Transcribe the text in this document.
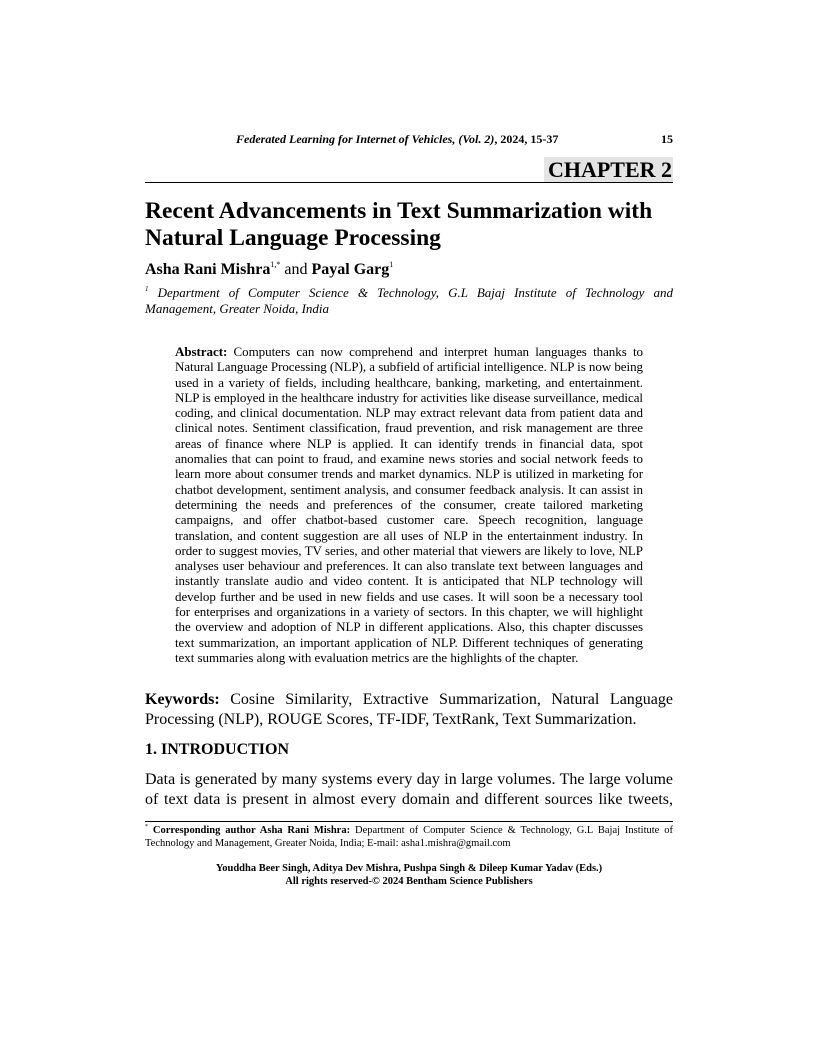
Federated Learning for Internet of Vehicles, (Vol. 2), 2024, 15-37	15
CHAPTER 2
Recent Advancements in Text Summarization with Natural Language Processing
Asha Rani Mishra$^{1,*}$ and Payal Garg$^1$
$^1$ Department of Computer Science & Technology, G.L Bajaj Institute of Technology and Management, Greater Noida, India

Abstract: Computers can now comprehend and interpret human languages thanks to Natural Language Processing (NLP), a subfield of artificial intelligence. NLP is now being used in a variety of fields, including healthcare, banking, marketing, and entertainment. NLP is employed in the healthcare industry for activities like disease surveillance, medical coding, and clinical documentation. NLP may extract relevant data from patient data and clinical notes. Sentiment classification, fraud prevention, and risk management are three areas of finance where NLP is applied. It can identify trends in financial data, spot anomalies that can point to fraud, and examine news stories and social network feeds to learn more about consumer trends and market dynamics. NLP is utilized in marketing for chatbot development, sentiment analysis, and consumer feedback analysis. It can assist in determining the needs and preferences of the consumer, create tailored marketing campaigns, and offer chatbot-based customer care. Speech recognition, language translation, and content suggestion are all uses of NLP in the entertainment industry. In order to suggest movies, TV series, and other material that viewers are likely to love, NLP analyses user behaviour and preferences. It can also translate text between languages and instantly translate audio and video content. It is anticipated that NLP technology will develop further and be used in new fields and use cases. It will soon be a necessary tool for enterprises and organizations in a variety of sectors. In this chapter, we will highlight the overview and adoption of NLP in different applications. Also, this chapter discusses text summarization, an important application of NLP. Different techniques of generating text summaries along with evaluation metrics are the highlights of the chapter.

Keywords: Cosine Similarity, Extractive Summarization, Natural Language Processing (NLP), ROUGE Scores, TF-IDF, TextRank, Text Summarization.

1. INTRODUCTION

Data is generated by many systems every day in large volumes. The large volume of text data is present in almost every domain and different sources like tweets,

* Corresponding author Asha Rani Mishra: Department of Computer Science & Technology, G.L Bajaj Institute of Technology and Management, Greater Noida, India; E-mail: asha1.mishra@gmail.com
Youddha Beer Singh, Aditya Dev Mishra, Pushpa Singh & Dileep Kumar Yadav (Eds.)
All rights reserved-© 2024 Bentham Science Publishers
